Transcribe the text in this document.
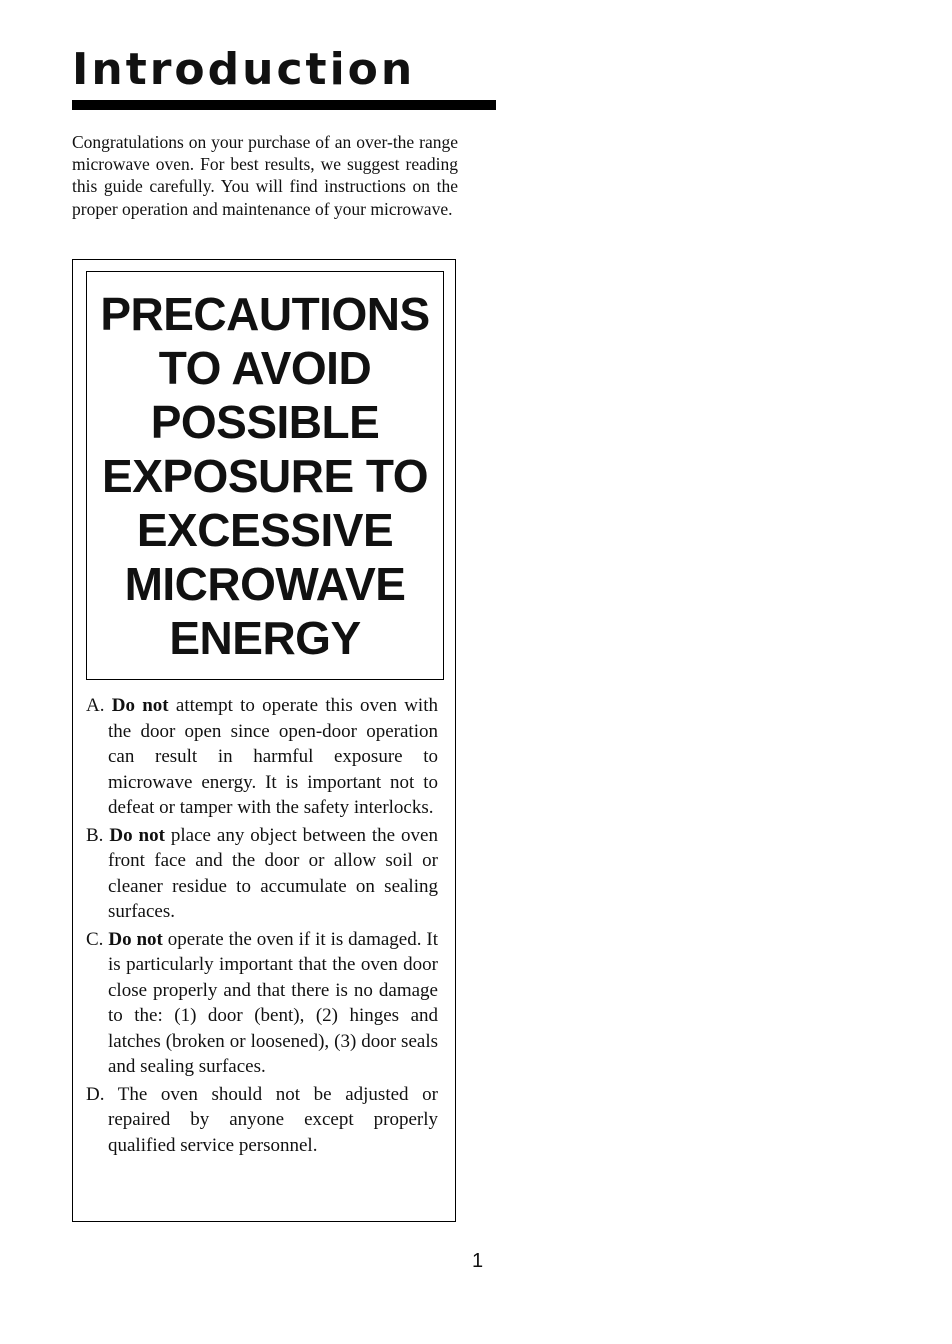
Introduction

Congratulations on your purchase of an over-the range microwave oven. For best results, we suggest reading this guide carefully. You will find instructions on the proper operation and maintenance of your microwave.

PRECAUTIONS
TO AVOID
POSSIBLE
EXPOSURE TO
EXCESSIVE
MICROWAVE
ENERGY

A. Do not attempt to operate this oven with the door open since open-door operation can result in harmful exposure to microwave energy. It is important not to defeat or tamper with the safety interlocks.

B. Do not place any object between the oven front face and the door or allow soil or cleaner residue to accumulate on sealing surfaces.

C. Do not operate the oven if it is damaged. It is particularly important that the oven door close properly and that there is no damage to the: (1) door (bent), (2) hinges and latches (broken or loosened), (3) door seals and sealing surfaces.

D. The oven should not be adjusted or repaired by anyone except properly qualified service personnel.

1
